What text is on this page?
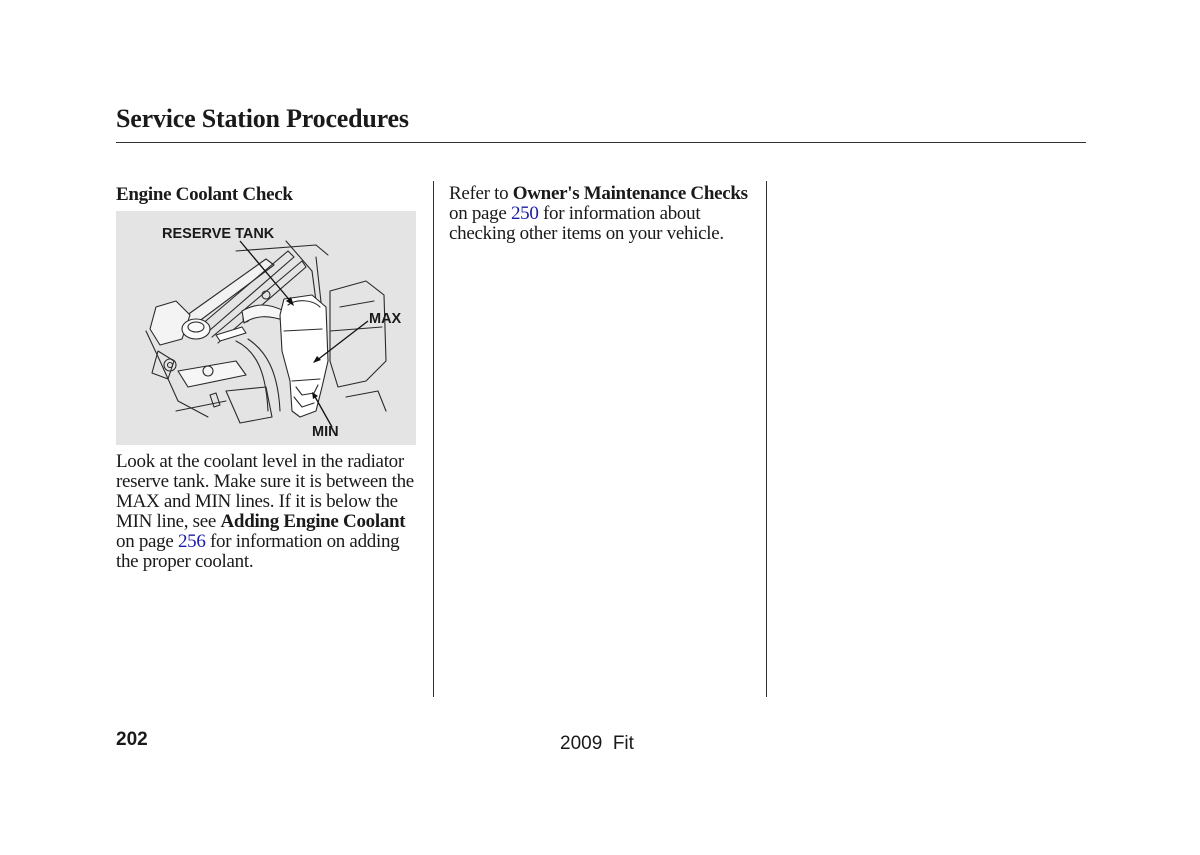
Service Station Procedures
Engine Coolant Check
RESERVE TANK
MAX
MIN

Look at the coolant level in the radiator reserve tank. Make sure it is between the MAX and MIN lines. If it is below the MIN line, see Adding Engine Coolant on page 256 for information on adding the proper coolant.

Refer to Owner's Maintenance Checks on page 250 for information about checking other items on your vehicle.

202	2009  Fit
